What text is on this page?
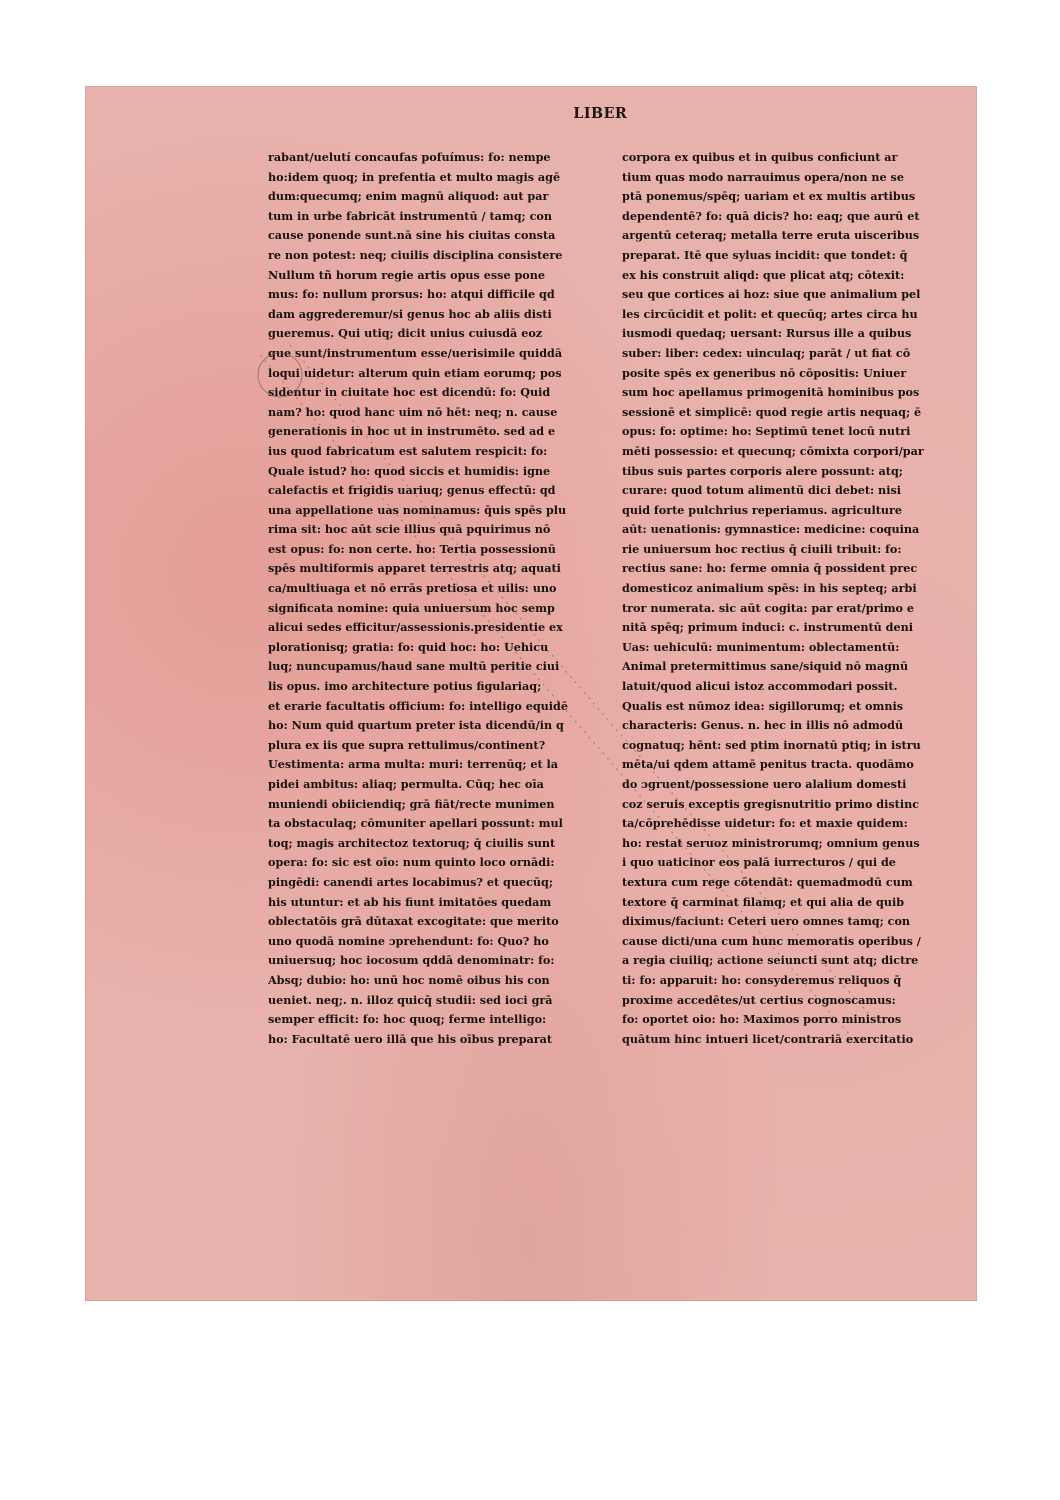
LIBER
rabant/uelutí concaufas pofuímus: fo: nempe
ho:idem quoq; in prefentia et multo magis agē
dum:quecumq; enim magnū aliquod: aut par
tum in urbe fabricāt instrumentū / tamq; con
cause ponende sunt.nā sine his ciuitas consta
re non potest: neq; ciuilis disciplina consistere
Nullum tñ horum regie artis opus esse pone
mus: fo: nullum prorsus: ho: atqui difficile qd
dam aggrederemur/si genus hoc ab aliis disti
gueremus. Qui utiq; dicit unius cuiusdā eoz
que sunt/instrumentum esse/uerisimile quiddā
loqui uidetur: alterum quin etiam eorumq; pos
sidentur in ciuitate hoc est dicendū: fo: Quid
nam? ho: quod hanc uim nō hēt: neq; n. cause
generationis in hoc ut in instrumēto. sed ad e
ius quod fabricatum est salutem respicit: fo:
Quale istud? ho: quod siccis et humidis: igne
calefactis et frigidis uariuq; genus effectū: qd
una appellatione uas nominamus: q̄uis spēs plu
rima sit: hoc aūt scie illius quā pquirimus nō
est opus: fo: non certe. ho: Tertia possessionū
spēs multiformis apparet terrestris atq; aquati
ca/multiuaga et nō errās pretiosa et uilis: uno
significata nomine: quia uniuersum hoc semp
alicui sedes efficitur/assessionis.presidentie ex
plorationisq; gratia: fo: quid hoc: ho: Uehicu
luq; nuncupamus/haud sane multū peritie ciui
lis opus. imo architecture potius figulariaq;
et erarie facultatis officium: fo: intelligo equidē
ho: Num quid quartum preter ista dicendū/in q
plura ex iis que supra rettulimus/continent?
Uestimenta: arma multa: muri: terrenūq; et la
pidei ambitus: aliaq; permulta. Cūq; hec oīa
muniendi obiiciendiq; grā fiāt/recte munimen
ta obstaculaq; cōmuniter apellari possunt: mul
toq; magis architectoz textoruq; q̄ ciuilis sunt
opera: fo: sic est oīo: num quinto loco ornādi:
pingēdi: canendi artes locabimus? et quecūq;
his utuntur: et ab his fiunt imitatōes quedam
oblectatōis grā dūtaxat excogitate: que merito
uno quodā nomine ɔprehendunt: fo: Quo? ho
uniuersuq; hoc iocosum qddā denominatr: fo:
Absq; dubio: ho: unū hoc nomē oibus his con
ueniet. neq;. n. illoz quicq̄ studii: sed ioci grā
semper efficit: fo: hoc quoq; ferme intelligo:
ho: Facultatē uero illā que his oībus preparat
corpora ex quibus et in quibus conficiunt ar
tium quas modo narrauimus opera/non ne se
ptā ponemus/spēq; uariam et ex multis artibus
dependentē? fo: quā dicis? ho: eaq; que aurū et
argentū ceteraq; metalla terre eruta uisceribus
preparat. Itē que syluas incidit: que tondet: q̄
ex his construit aliqd: que plicat atq; cōtexit:
seu que cortices ai hoz: siue que animalium pel
les circūcidit et polit: et quecūq; artes circa hu
iusmodi quedaq; uersant: Rursus ille a quibus
suber: liber: cedex: uinculaq; parāt / ut fiat cō
posite spēs ex generibus nō cōpositis: Uniuer
sum hoc apellamus primogenitā hominibus pos
sessionē et simplicē: quod regie artis nequaq; ē
opus: fo: optime: ho: Septimū tenet locū nutri
mēti possessio: et quecunq; cōmixta corpori/par
tibus suis partes corporis alere possunt: atq;
curare: quod totum alimentū dici debet: nisi
quid forte pulchrius reperiamus. agriculture
aūt: uenationis: gymnastice: medicine: coquina
rie uniuersum hoc rectius q̄ ciuili tribuit: fo:
rectius sane: ho: ferme omnia q̄ possident prec
domesticoz animalium spēs: in his septeq; arbi
tror numerata. sic aūt cogita: par erat/primo e
nitā spēq; primum induci: c. instrumentū deni
Uas: uehiculū: munimentum: oblectamentū:
Animal pretermittimus sane/siquid nō magnū
latuit/quod alicui istoz accommodari possit.
Qualis est nūmoz idea: sigillorumq; et omnis
characteris: Genus. n. hec in illis nō admodū
cognatuq; hēnt: sed ptim inornatū ptiq; in istru
mēta/ui qdem attamē penitus tracta. quodāmo
do ɔgruent/possessione uero alalium domesti
coz seruis exceptis gregisnutritio primo distinc
ta/cōprehēdisse uidetur: fo: et maxie quidem:
ho: restat seruoz ministrorumq; omnium genus
i quo uaticinor eos palā iurrecturos / qui de
textura cum rege cōtendāt: quemadmodū cum
textore q̄ carminat filamq; et qui alia de quib
diximus/faciunt: Ceteri uero omnes tamq; con
cause dicti/una cum hunc memoratis operibus /
a regia ciuiliq; actione seiuncti sunt atq; dictre
ti: fo: apparuit: ho: consyderemus reliquos q̄
proxime accedētes/ut certius cognoscamus:
fo: oportet oio: ho: Maximos porro ministros
quātum hinc intueri licet/contrariā exercitatio
